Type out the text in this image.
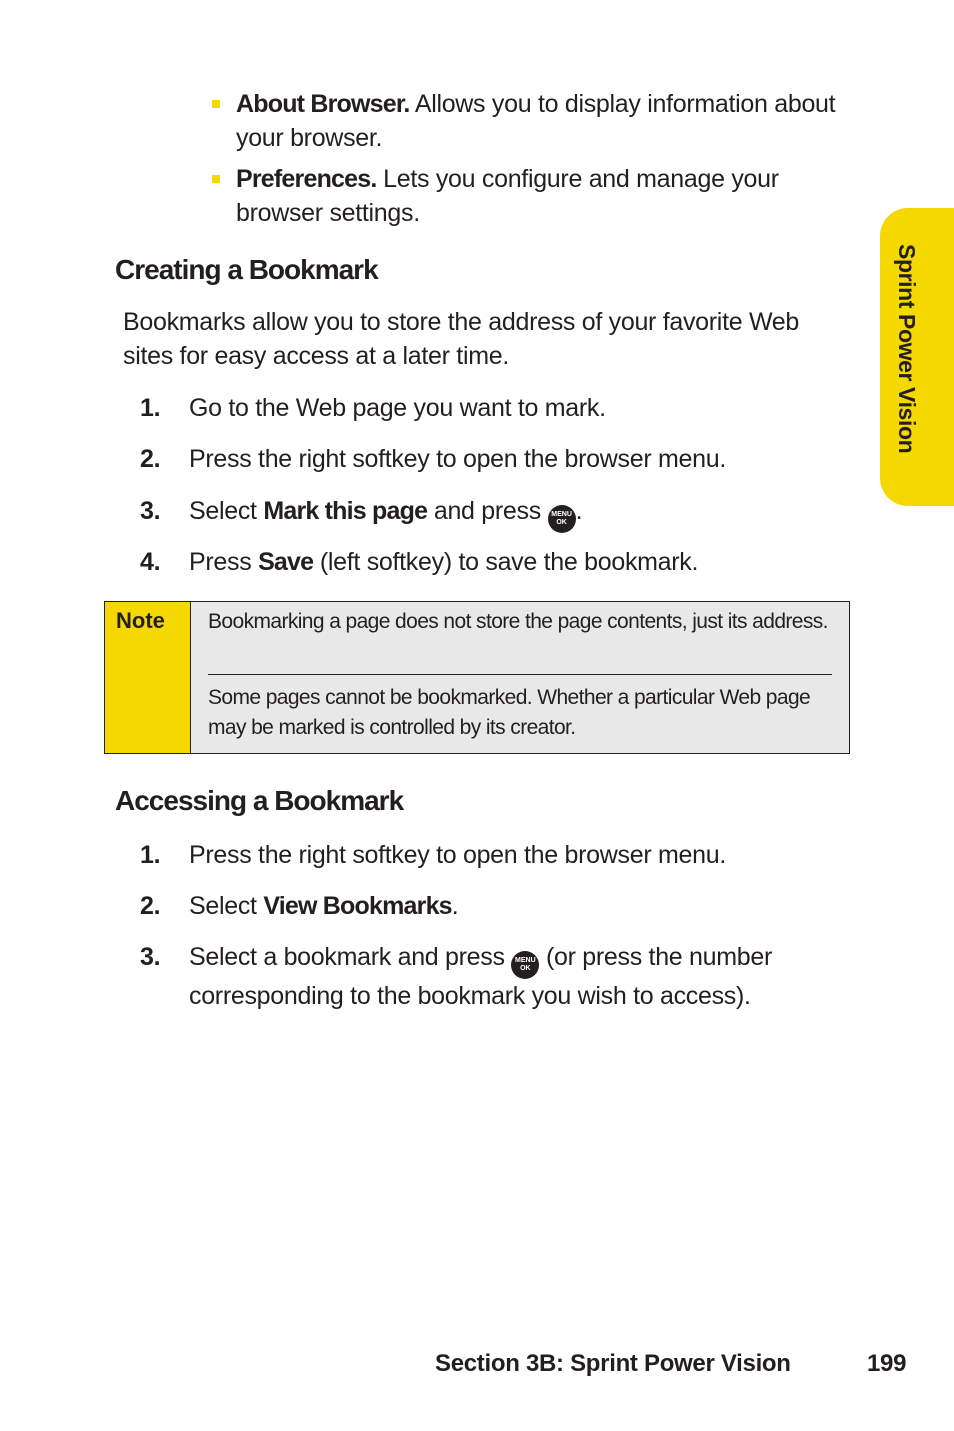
About Browser. Allows you to display information about your browser.
Preferences. Lets you configure and manage your browser settings.
Creating a Bookmark
Bookmarks allow you to store the address of your favorite Web sites for easy access at a later time.
1.	Go to the Web page you want to mark.
2.	Press the right softkey to open the browser menu.
3.	Select Mark this page and press MENU
OK .
4.	Press Save (left softkey) to save the bookmark.
Note Bookmarking a page does not store the page contents, just its address.
Some pages cannot be bookmarked. Whether a particular Web page may be marked is controlled by its creator.
Accessing a Bookmark
1.	Press the right softkey to open the browser menu.
2.	Select View Bookmarks.
3.	Select a bookmark and press MENU
OK (or press the number corresponding to the bookmark you wish to access).
Sprint Power Vision
Section 3B: Sprint Power Vision	199
